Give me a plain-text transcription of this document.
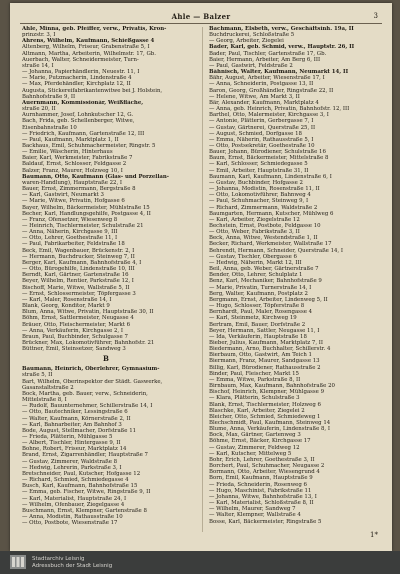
Ahle — Balzer	3

Ahle, Minna, geb. Pfeiffer, verw., Privatis, Kron-

prinzstr. 3, I

Ahrens, Wilhelm, Kaufmann, Schießgasse 4

Altenberg, Wilhelm, Friseur, Grabenstraße 5, I

Altmann, Martha, Arbeiterin, Wilhelmstr. 17, Gb.

Auerbach, Walter, Schneidermeister, Turn-

straße 14, I

— Johanna, Papierhändlerin, Neuestr. 11, I

— Marie, Putzmacherin, Lindenstraße 4

— Max, Pferdehändler, Kirchplatz 12, II

Augusta, Stickereifabrikantenwitwe bei J. Holstein,

Bahnhofstraße 9, II

Auernmann, Kommissionär, Weißfläche,

straße 20, II

Aurnhammer, Josef, Lohnkutscher 12, G.

Bach, Frida, geb. Schellenberger, Witwe,

Eisenbahnstraße 10

— Friedrich, Kaufmann, Gartenstraße 12, III

— Paul, Kaufmann, Marktplatz 1, II

Backhaus, Emil, Schuhmachermeister, Ringstr. 5

— Emilie, Wäscherin, Hinterhaus

Baier, Karl, Werkmeister, Fabrikstraße 7

Baldauf, Ernst, Schlosser, Feldgasse 2

Balzer, Franz, Maurer, Holzweg 10, I

Baumann, Otto, Kaufmann (Glas- und Porzellan-

waren-Handlung), Hauptstraße 22, I

Bauer, Ernst, Zimmermann, Bergstraße 8

— Karl, Gastwirt, Neumarkt 3

— Marie, Witwe, Privatin, Hofgasse 6

Bayer, Wilhelm, Bäckermeister, Mühlstraße 15

Becher, Karl, Handlungsgehilfe, Postgasse 4, II

— Franz, Ofensetzer, Wiesenweg 8

— Heinrich, Tischlermeister, Schulstraße 21

— Anna, Näherin, Kirchgasse 9, III

— Otto, Lehrer, Goethestraße 11, I

— Paul, Fabrikarbeiter, Feldstraße 18

Beck, Emil, Wagenbauer, Brückenstr. 2, I

— Hermann, Buchdrucker, Steinweg 7, II

Berger, Karl, Kaufmann, Bahnhofstraße 4, I

— Otto, Bürogehilfe, Lindenstraße 10, III

Berndt, Karl, Gärtner, Gartenstraße 16

Beyer, Wilhelm, Rentier, Parkstraße 12, I

Bischoff, Marie, Witwe, Wallstraße 5, II

— Ernst, Schlossermeister, Töpfergasse 3

— Karl, Maler, Rosenstraße 14, I

Blank, Georg, Konditor, Markt 9

Blum, Anna, Witwe, Privatin, Hauptstraße 30, II

Böhm, Ernst, Sattlermeister, Neugasse 4

Bräuer, Otto, Fleischermeister, Markt 6

— Anna, Verkäuferin, Kirchgasse 2, I

Braun, Paul, Buchbinder, Schulgasse 7

Brückner, Max, Lokomotivführer, Bahnhofstr. 21

Büttner, Emil, Steinsetzer, Sandweg 3

B

Baumann, Heinrich, Oberlehrer, Gymnasium-

straße 5, II

Bart, Wilhelm, Oberinspektor der Städt. Gaswerke,

Gasanstaltstraße 2

Bock, Martha, geb. Bauer, verw., Schneiderin,

Mittelstraße 8, I

— Rudolf, Bauunternehmer, Schillerstraße 14, I

— Otto, Bautechniker, Lessingstraße 6

— Walter, Kaufmann, Körnerstraße 2, II

— Karl, Bahnarbeiter, Am Bahnhof 3

Bode, August, Stellmacher, Dorfstraße 11

— Frieda, Plätterin, Mühlgasse 5

— Albert, Tischler, Hintergasse 9, II

Bohne, Robert, Friseur, Marktplatz 14

Brand, Ernst, Zigarrenhändler, Hauptstraße 7

— Gustav, Zimmerer, Waldstraße 8

— Hedwig, Lehrerin, Parkstraße 3, I

Bretschneider, Paul, Kutscher, Hofgasse 12

— Richard, Schmied, Schmiedegasse 4

Busch, Karl, Kaufmann, Bahnhofstraße 15

— Emma, geb. Fischer, Witwe, Ringstraße 9, II

— Karl, Materialist, Hauptstraße 24, I

— Wilhelm, Ofenbauer, Ziegelgasse 4

Buschmann, Ernst, Klempner, Gartenstraße 8

— Anna, Modistin, Rathausstraße 10

— Otto, Postbote, Wiesenstraße 17

Bachmann, Elsbeth, verw., Geschäftsinh. 19a, II

Buchdruckerei, Schloßstraße 5

— Georg, Arbeiter, Ziegelei

Bader, Karl, geb. Schmid, verw., Hauptstr. 26, II

Bader, Paul, Tischler, Gartenstraße 17, Gb.

Baier, Hermann, Arbeiter, Am Berg 6, III

— Paul, Gastwirt, Feldstraße 2

Bähnisch, Walter, Kaufmann, Neumarkt 14, II

Bähr, August, Arbeiter, Wiesenstraße 17, I

— Anna, Schneiderin, Postgasse 13, II

Baron, Georg, Großhändler, Ringstraße 22, II

— Helene, Witwe, Am Markt 3, II

Bär, Alexander, Kaufmann, Marktplatz 4

— Anna, geb. Heinrich, Privatin, Bahnhofstr. 12, III

Barthel, Otto, Malermeister, Kirchgasse 3, I

— Antonie, Plätterin, Gerbergasse 7, I

— Gustav, Gärtnerei, Querstraße 25, II

— August, Schmied, Dorfgasse 18

— Emma, Näherin, Rathausstraße 5, I

— Otto, Postsekretär, Goethestraße 10

Bauer, Johann, Bürodiener, Schulstraße 16

Baum, Ernst, Bäckermeister, Mittelstraße 8

— Karl, Schlosser, Schmiedegasse 5

— Emil, Arbeiter, Hauptstraße 31, II

Baumann, Karl, Kaufmann, Lindenstraße 6, I

— Gustav, Buchbinder, Hofgasse 2

— Johanna, Modistin, Rosenstraße 11, II

— Otto, Lokomotivführer, Bahnweg 4

— Paul, Schuhmacher, Steinweg 9, I

— Richard, Zimmermann, Waldstraße 2

Baumgarten, Hermann, Kutscher, Mühlweg 6

— Karl, Arbeiter, Ziegelstraße 12

Bechstein, Ernst, Postbote, Feldgasse 10

— Otto, Weber, Fabrikstraße 3, II

Beck, Anna, Witwe, Westendstraße 1, II

Becker, Richard, Werkmeister, Wallstraße 17

Behrendt, Hermann, Schneider, Querstraße 14, I

— Gustav, Tischler, Obergasse 6

— Hedwig, Näherin, Markt 12, III

Beil, Anna, geb. Weber, Gärtnerstraße 7

Bender, Otto, Lehrer, Schulplatz 1

Benz, Karl, Mechaniker, Bahnhofstraße 9

— Marie, Privatin, Turnerstraße 14, I

Berg, Walter, Kaufmann, Postplatz 2

Bergmann, Ernst, Arbeiter, Lindenweg 5, II

— Hugo, Schlosser, Töpferstraße 8

Bernhardt, Paul, Maler, Rosengasse 4

— Karl, Steinmetz, Kirchweg 19

Bertram, Emil, Bauer, Dorfstraße 2

Beyer, Hermann, Sattler, Neugasse 11, I

— Ida, Verkäuferin, Hauptstraße 18

Bieber, Julius, Kaufmann, Marktplatz 7, II

Biedermann, Arno, Buchhalter, Schillerstr. 4

Bierbaum, Otto, Gastwirt, Am Teich 1

Biermann, Franz, Maurer, Sandgasse 13

Billig, Karl, Bürodiener, Rathausstraße 2

Binder, Paul, Fleischer, Markt 15

— Emma, Witwe, Parkstraße 8, II

Birnbaum, Max, Kaufmann, Bahnhofstraße 20

Bischof, Heinrich, Klempner, Mühlgasse 9

— Klara, Plätterin, Schulstraße 3

Blank, Ernst, Tischlermeister, Holzweg 6

Blaschke, Karl, Arbeiter, Ziegelei 2

Bleicher, Otto, Schmied, Schmiedeweg 1

Blechschmidt, Paul, Kaufmann, Steinweg 14

Blume, Anna, Verkäuferin, Lindenstraße 8, I

Bock, Max, Gärtner, Gartenweg 3

Böhme, Ernst, Bäcker, Kirchgasse 17

— Gustav, Zimmerer, Feldweg 12

— Karl, Kutscher, Mittelweg 5

Bohr, Erich, Lehrer, Goethestraße 3, II

Borchert, Paul, Schuhmacher, Neugasse 2

Bormann, Otto, Arbeiter, Wiesengrund 4

Born, Emil, Kaufmann, Hauptstraße 9

— Frieda, Schneiderin, Rosenweg 6

— Hugo, Maschinist, Fabrikstraße 11

— Johanna, Witwe, Bahnhofstraße 13, I

— Karl, Materialist, Schloßstraße 8, II

— Wilhelm, Maurer, Sandweg 7

— Walter, Klempner, Wallstraße 4

Bosse, Karl, Bäckermeister, Ringstraße 5

1*
Stadtarchiv Leisnig
Adressbuch der Stadt Leisnig
